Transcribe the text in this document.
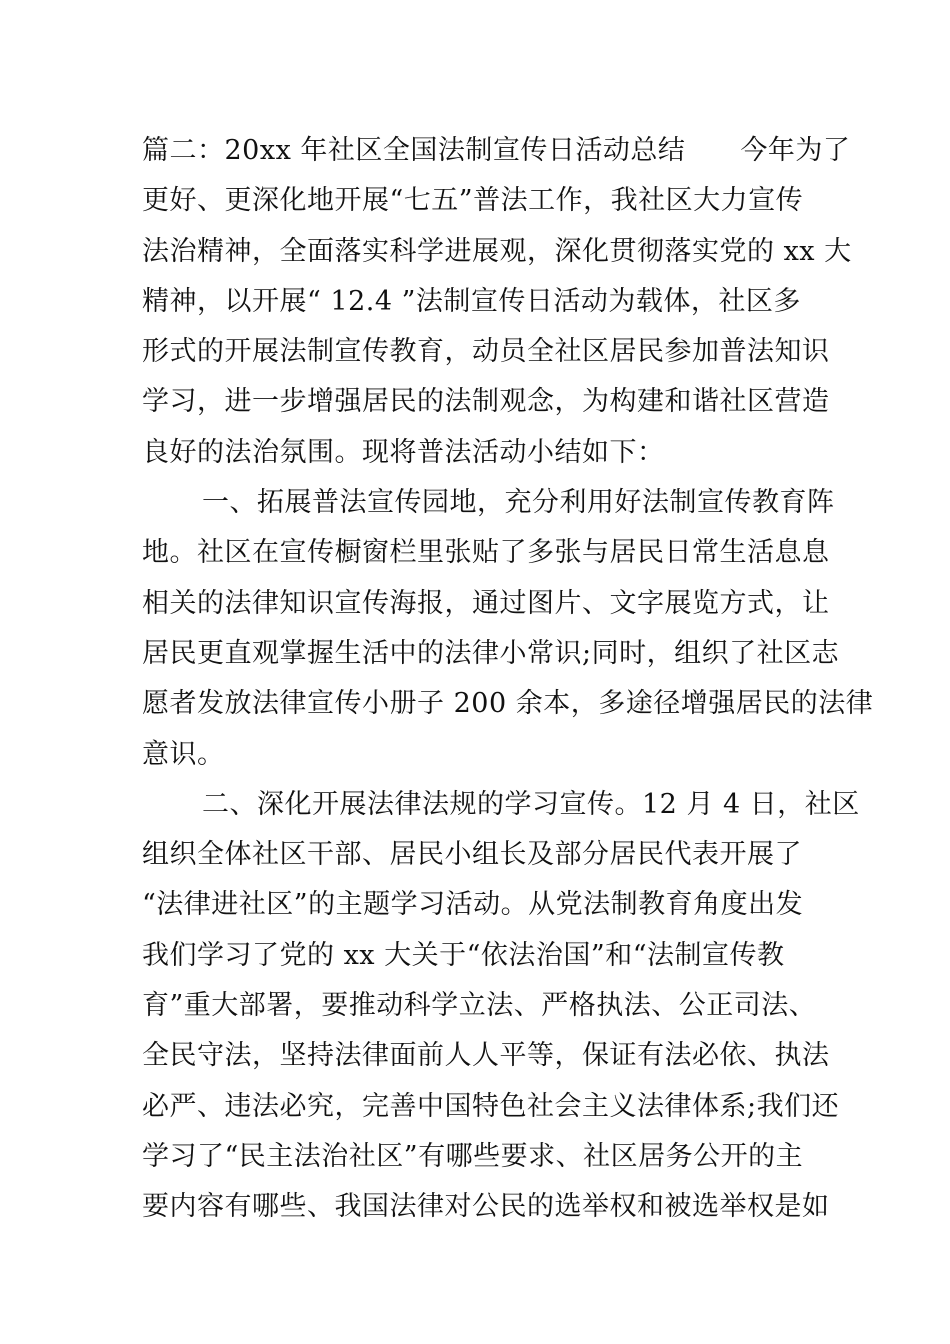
篇二：20xx 年社区全国法制宣传日活动总结　　今年为了
更好、更深化地开展“七五”普法工作，我社区大力宣传
法治精神，全面落实科学进展观，深化贯彻落实党的 xx 大
精神，以开展“ 12.4 ”法制宣传日活动为载体，社区多
形式的开展法制宣传教育，动员全社区居民参加普法知识
学习，进一步增强居民的法制观念，为构建和谐社区营造
良好的法治氛围。现将普法活动小结如下：
一、拓展普法宣传园地，充分利用好法制宣传教育阵
地。社区在宣传橱窗栏里张贴了多张与居民日常生活息息
相关的法律知识宣传海报，通过图片、文字展览方式，让
居民更直观掌握生活中的法律小常识;同时，组织了社区志
愿者发放法律宣传小册子 200 余本，多途径增强居民的法律
意识。
二、深化开展法律法规的学习宣传。12 月 4 日，社区
组织全体社区干部、居民小组长及部分居民代表开展了
“法律进社区”的主题学习活动。从党法制教育角度出发
我们学习了党的 xx 大关于“依法治国”和“法制宣传教
育”重大部署，要推动科学立法、严格执法、公正司法、
全民守法，坚持法律面前人人平等，保证有法必依、执法
必严、违法必究，完善中国特色社会主义法律体系;我们还
学习了“民主法治社区”有哪些要求、社区居务公开的主
要内容有哪些、我国法律对公民的选举权和被选举权是如
